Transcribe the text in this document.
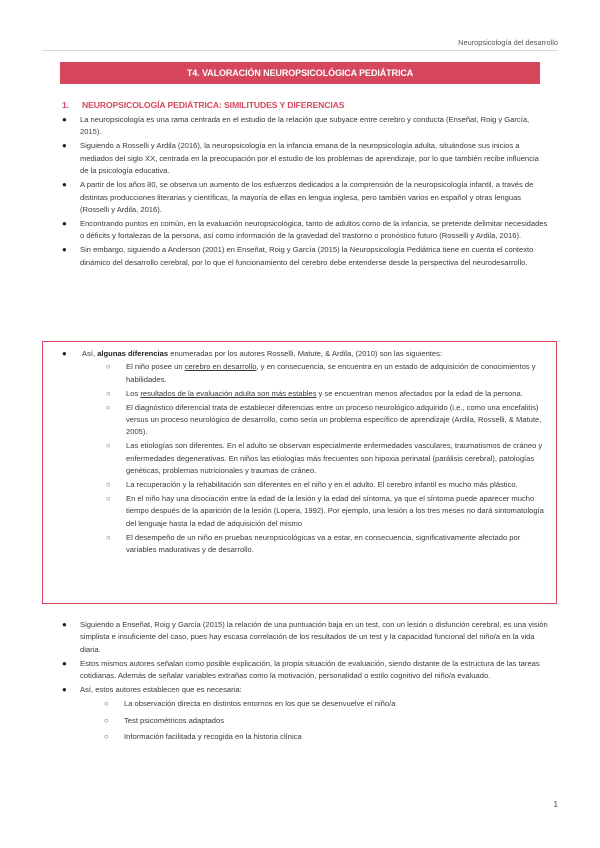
Neuropsicología del desarrollo
T4. VALORACIÓN NEUROPSICOLÓGICA PEDIÁTRICA
1. NEUROPSICOLOGÍA PEDIÁTRICA: SIMILITUDES Y DIFERENCIAS
● La neuropsicología es una rama centrada en el estudio de la relación que subyace entre cerebro y conducta (Enseñat, Roig y García, 2015).
● Siguiendo a Rosselli y Ardila (2016), la neuropsicología en la infancia emana de la neuropsicología adulta, situándose sus inicios a mediados del siglo XX, centrada en la preocupación por el estudio de los problemas de aprendizaje, por lo que también recibe influencia de la psicología educativa.
● A partir de los años 80, se observa un aumento de los esfuerzos dedicados a la comprensión de la neuropsicología infantil, a través de distintas producciones literarias y científicas, la mayoría de ellas en lengua inglesa, pero también varios en español y otras lenguas (Rosselli y Ardila, 2016).
● Encontrando puntos en común, en la evaluación neuropsicológica, tanto de adultos como de la infancia, se pretende delimitar necesidades o déficits y fortalezas de la persona, así como información de la gravedad del trastorno o pronóstico futuro (Rosselli y Ardila, 2016).
● Sin embargo, siguiendo a Anderson (2001) en Enseñat, Roig y García (2015) la Neuropsicología Pediátrica tiene en cuenta el contexto dinámico del desarrollo cerebral, por lo que el funcionamiento del cerebro debe entenderse desde la perspectiva del neurodesarrollo.
● Así, algunas diferencias enumeradas por los autores Rosselli, Matute, & Ardila, (2010) son las siguientes:
○ El niño posee un cerebro en desarrollo, y en consecuencia, se encuentra en un estado de adquisición de conocimientos y habilidades.
○ Los resultados de la evaluación adulta son más estables y se encuentran menos afectados por la edad de la persona.
○ El diagnóstico diferencial trata de establecer diferencias entre un proceso neurológico adquirido (i.e., como una encefalitis) versus un proceso neurológico de desarrollo, como sería un problema específico de aprendizaje (Ardila, Rosselli, & Matute, 2005).
○ Las etiologías son diferentes. En el adulto se observan especialmente enfermedades vasculares, traumatismos de cráneo y enfermedades degenerativas. En niños las etiologías más frecuentes son hipoxia perinatal (parálisis cerebral), patologías genéticas, problemas nutricionales y traumas de cráneo.
○ La recuperación y la rehabilitación son diferentes en el niño y en el adulto. El cerebro infantil es mucho más plástico.
○ En el niño hay una disociación entre la edad de la lesión y la edad del síntoma, ya que el síntoma puede aparecer mucho tiempo después de la aparición de la lesión (Lopera, 1992). Por ejemplo, una lesión a los tres meses no dará sintomatología del lenguaje hasta la edad de adquisición del mismo
○ El desempeño de un niño en pruebas neuropsicológicas va a estar, en consecuencia, significativamente afectado por variables madurativas y de desarrollo.
● Siguiendo a Enseñat, Roig y García (2015) la relación de una puntuación baja en un test, con un lesión o disfunción cerebral, es una visión simplista e insuficiente del caso, pues hay escasa correlación de los resultados de un test y la capacidad funcional del niño/a en la vida diaria.
● Estos mismos autores señalan como posible explicación, la propia situación de evaluación, siendo distante de la estructura de las tareas cotidianas. Además de señalar variables extrañas como la motivación, personalidad o estilo cognitivo del niño/a evaluado.
● Así, estos autores establecen que es necesaria:
○ La observación directa en distintos entornos en los que se desenvuelve el niño/a
○ Test psicométricos adaptados
○ Información facilitada y recogida en la historia clínica
1
